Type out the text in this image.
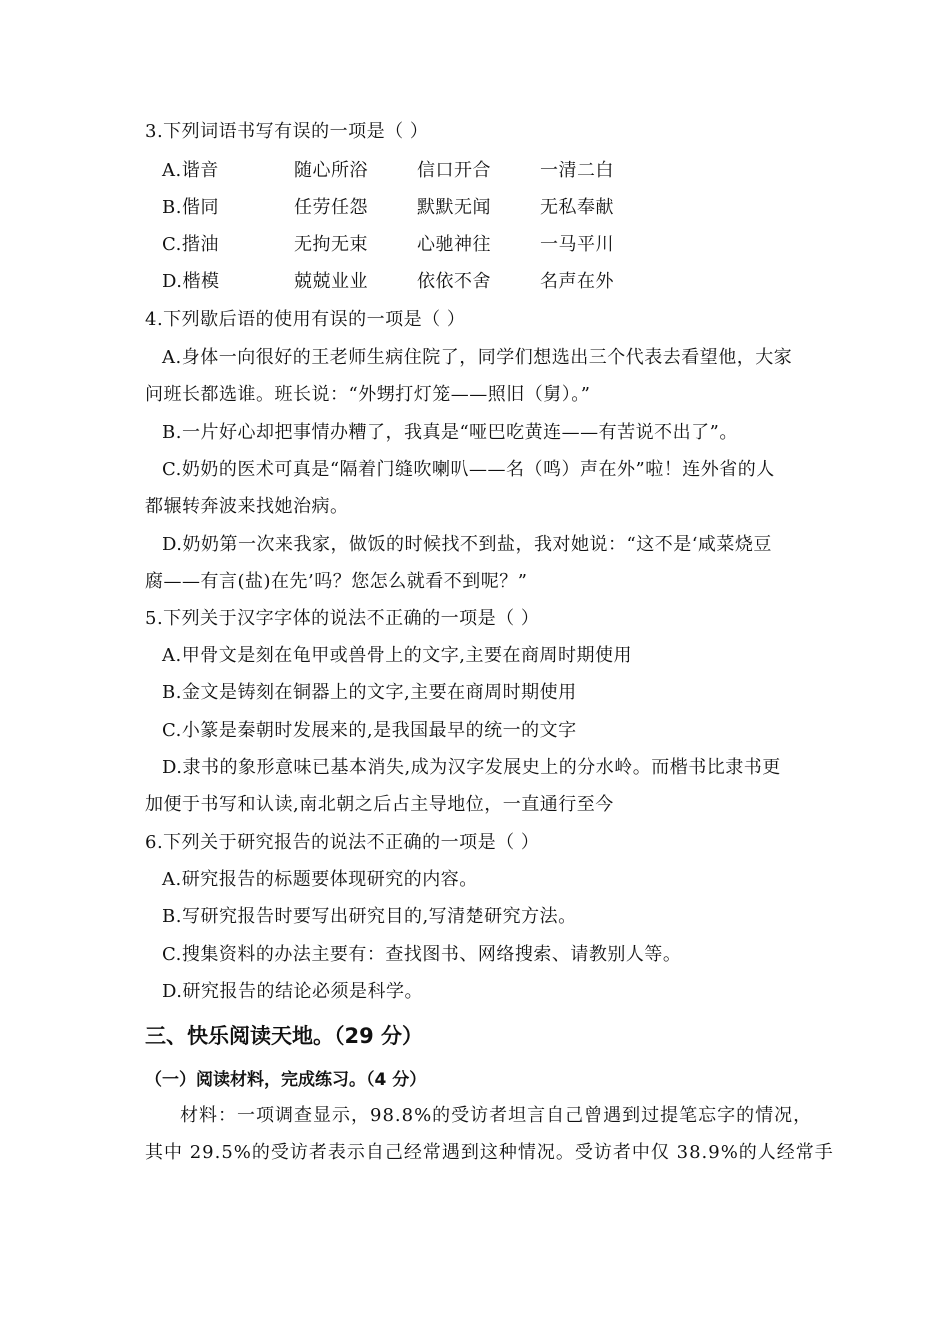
3.下列词语书写有误的一项是（ ）
A.谐音	随心所浴	信口开合	一清二白
B.偕同	任劳任怨	默默无闻	无私奉献
C.揩油	无拘无束	心驰神往	一马平川
D.楷模	兢兢业业	依依不舍	名声在外
4.下列歇后语的使用有误的一项是（ ）
A.身体一向很好的王老师生病住院了，同学们想选出三个代表去看望他，大家
问班长都选谁。班长说：“外甥打灯笼——照旧（舅）。”
B.一片好心却把事情办糟了，我真是“哑巴吃黄连——有苦说不出了”。
C.奶奶的医术可真是“隔着门缝吹喇叭——名（鸣）声在外”啦！连外省的人
都辗转奔波来找她治病。
D.奶奶第一次来我家，做饭的时候找不到盐，我对她说：“这不是‘咸菜烧豆
腐——有言(盐)在先’吗？您怎么就看不到呢？”
5.下列关于汉字字体的说法不正确的一项是（ ）
A.甲骨文是刻在龟甲或兽骨上的文字,主要在商周时期使用
B.金文是铸刻在铜器上的文字,主要在商周时期使用
C.小篆是秦朝时发展来的,是我国最早的统一的文字
D.隶书的象形意味已基本消失,成为汉字发展史上的分水岭。而楷书比隶书更
加便于书写和认读,南北朝之后占主导地位，一直通行至今
6.下列关于研究报告的说法不正确的一项是（ ）
A.研究报告的标题要体现研究的内容。
B.写研究报告时要写出研究目的,写清楚研究方法。
C.搜集资料的办法主要有：查找图书、网络搜索、请教别人等。
D.研究报告的结论必须是科学。
三、快乐阅读天地。（29 分）
（一）阅读材料，完成练习。（4 分）
材料：一项调查显示，98.8%的受访者坦言自己曾遇到过提笔忘字的情况，
其中 29.5%的受访者表示自己经常遇到这种情况。受访者中仅 38.9%的人经常手
